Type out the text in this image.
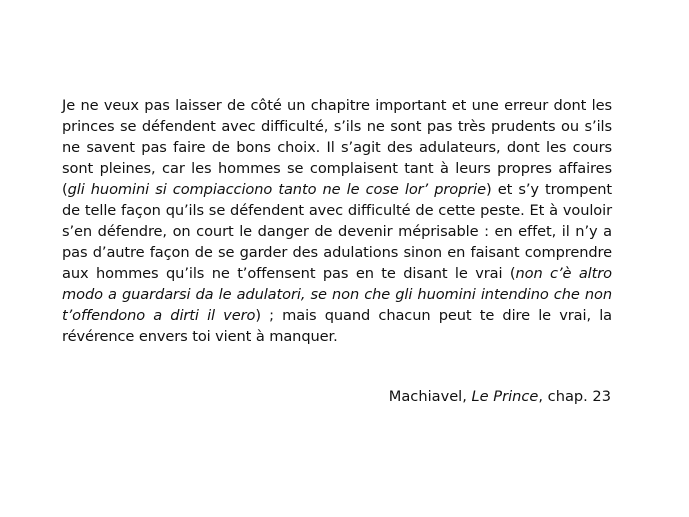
Je ne veux pas laisser de côté un chapitre important et une erreur dont les princes se défendent avec difficulté, s’ils ne sont pas très prudents ou s’ils ne savent pas faire de bons choix. Il s’agit des adulateurs, dont les cours sont pleines, car les hommes se complaisent tant à leurs propres affaires (gli huomini si compiacciono tanto ne le cose lor’ proprie) et s’y trompent de telle façon qu’ils se défendent avec difficulté de cette peste. Et à vouloir s’en défendre, on court le danger de devenir méprisable : en effet, il n’y a pas d’autre façon de se garder des adulations sinon en faisant comprendre aux hommes qu’ils ne t’offensent pas en te disant le vrai (non c’è altro modo a guardarsi da le adulatori, se non che gli huomini intendino che non t’offendono a dirti il vero) ; mais quand chacun peut te dire le vrai, la révérence envers toi vient à manquer.

Machiavel, Le Prince, chap. 23
